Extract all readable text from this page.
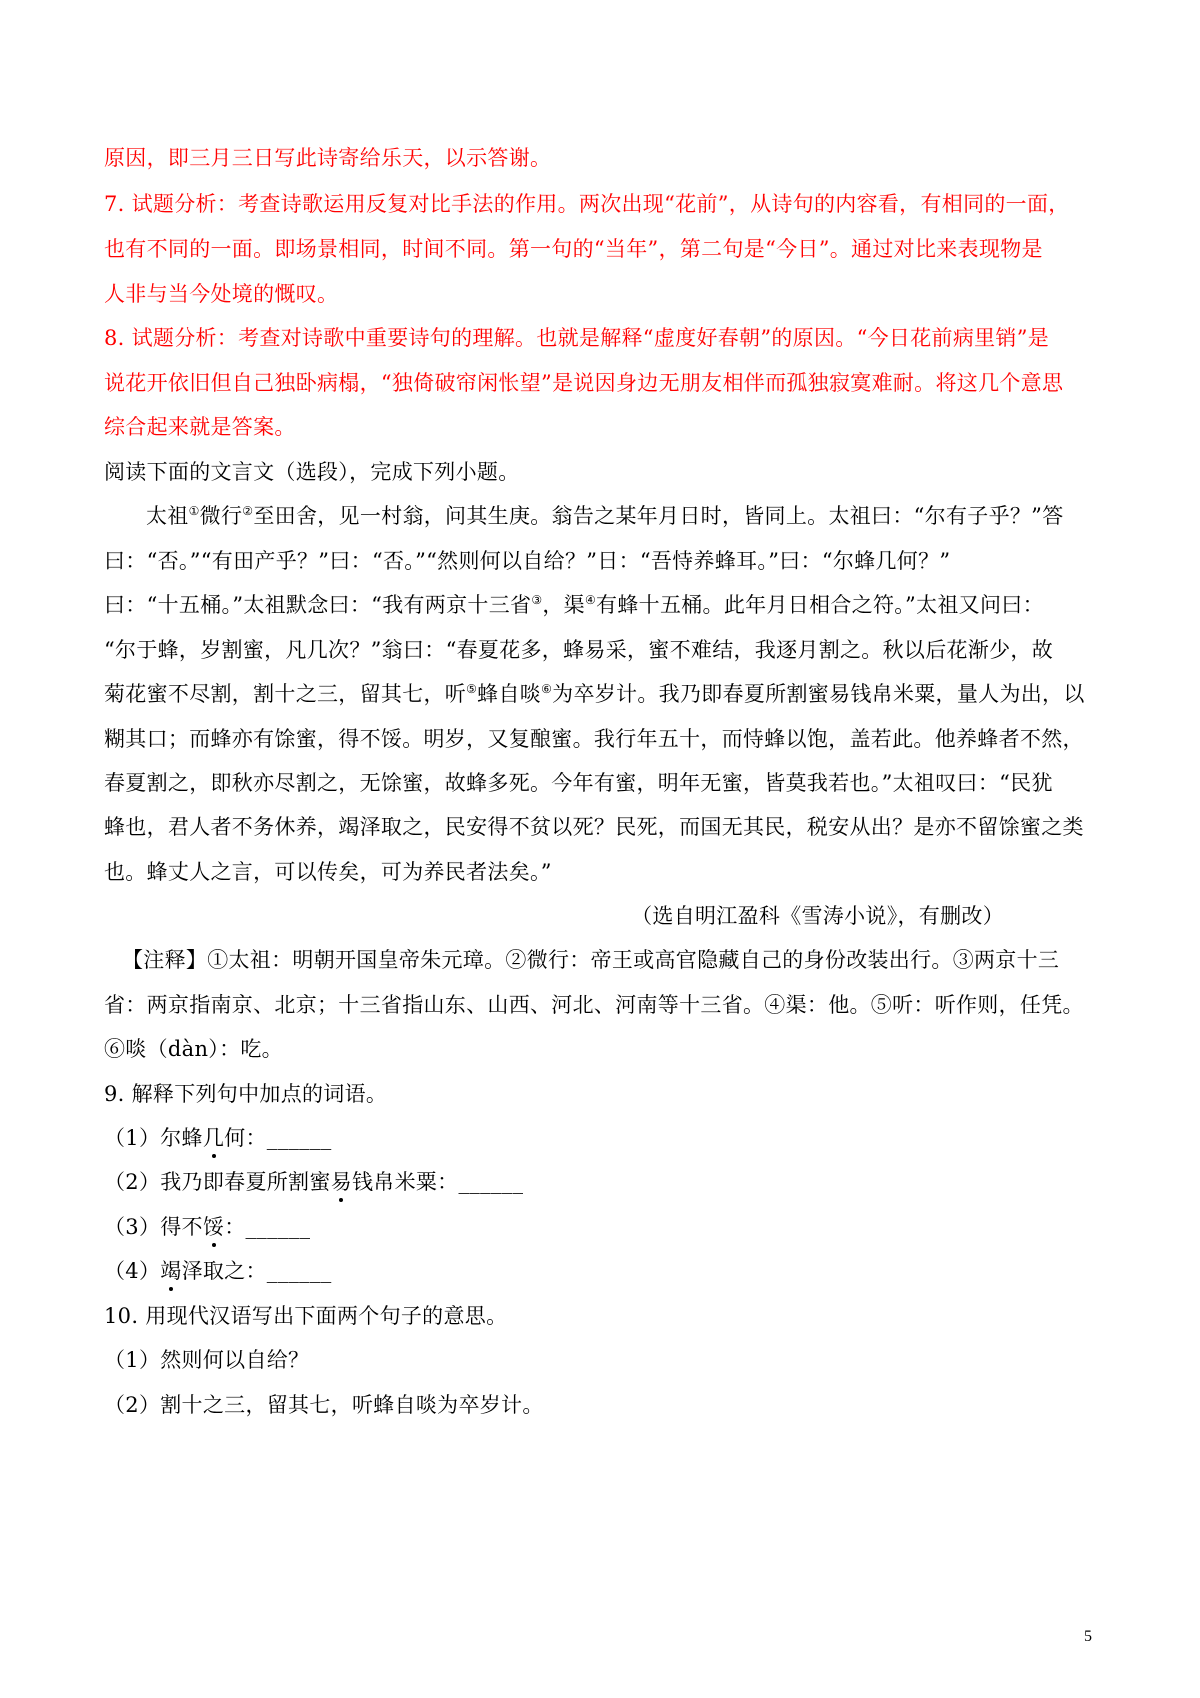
原因，即三月三日写此诗寄给乐天，以示答谢。
7. 试题分析：考查诗歌运用反复对比手法的作用。两次出现“花前”，从诗句的内容看，有相同的一面，
也有不同的一面。即场景相同，时间不同。第一句的“当年”，第二句是“今日”。通过对比来表现物是
人非与当今处境的慨叹。
8. 试题分析：考查对诗歌中重要诗句的理解。也就是解释“虚度好春朝”的原因。“今日花前病里销”是
说花开依旧但自己独卧病榻，“独倚破帘闲怅望”是说因身边无朋友相伴而孤独寂寞难耐。将这几个意思
综合起来就是答案。
阅读下面的文言文（选段），完成下列小题。
太祖①微行②至田舍，见一村翁，问其生庚。翁告之某年月日时，皆同上。太祖曰：“尔有子乎？”答
曰：“否。”“有田产乎？”曰：“否。”“然则何以自给？”日：“吾恃养蜂耳。”曰：“尔蜂几何？”
曰：“十五桶。”太祖默念曰：“我有两京十三省③，渠④有蜂十五桶。此年月日相合之符。”太祖又问曰：
“尔于蜂，岁割蜜，凡几次？”翁曰：“春夏花多，蜂易采，蜜不难结，我逐月割之。秋以后花渐少，故
菊花蜜不尽割，割十之三，留其七，听⑤蜂自啖⑥为卒岁计。我乃即春夏所割蜜易钱帛米粟，量人为出，以
糊其口；而蜂亦有馀蜜，得不馁。明岁，又复酿蜜。我行年五十，而恃蜂以饱，盖若此。他养蜂者不然，
春夏割之，即秋亦尽割之，无馀蜜，故蜂多死。今年有蜜，明年无蜜，皆莫我若也。”太祖叹曰：“民犹
蜂也，君人者不务休养，竭泽取之，民安得不贫以死？民死，而国无其民，税安从出？是亦不留馀蜜之类
也。蜂丈人之言，可以传矣，可为养民者法矣。”
（选自明江盈科《雪涛小说》，有删改）
【注释】①太祖：明朝开国皇帝朱元璋。②微行：帝王或高官隐藏自己的身份改装出行。③两京十三
省：两京指南京、北京；十三省指山东、山西、河北、河南等十三省。④渠：他。⑤听：听作则，任凭。
⑥啖（dàn）：吃。
9. 解释下列句中加点的词语。
（1）尔蜂几何：______
（2）我乃即春夏所割蜜易钱帛米粟：______
（3）得不馁：______
（4）竭泽取之：______
10. 用现代汉语写出下面两个句子的意思。
（1）然则何以自给？
（2）割十之三，留其七，听蜂自啖为卒岁计。
5
